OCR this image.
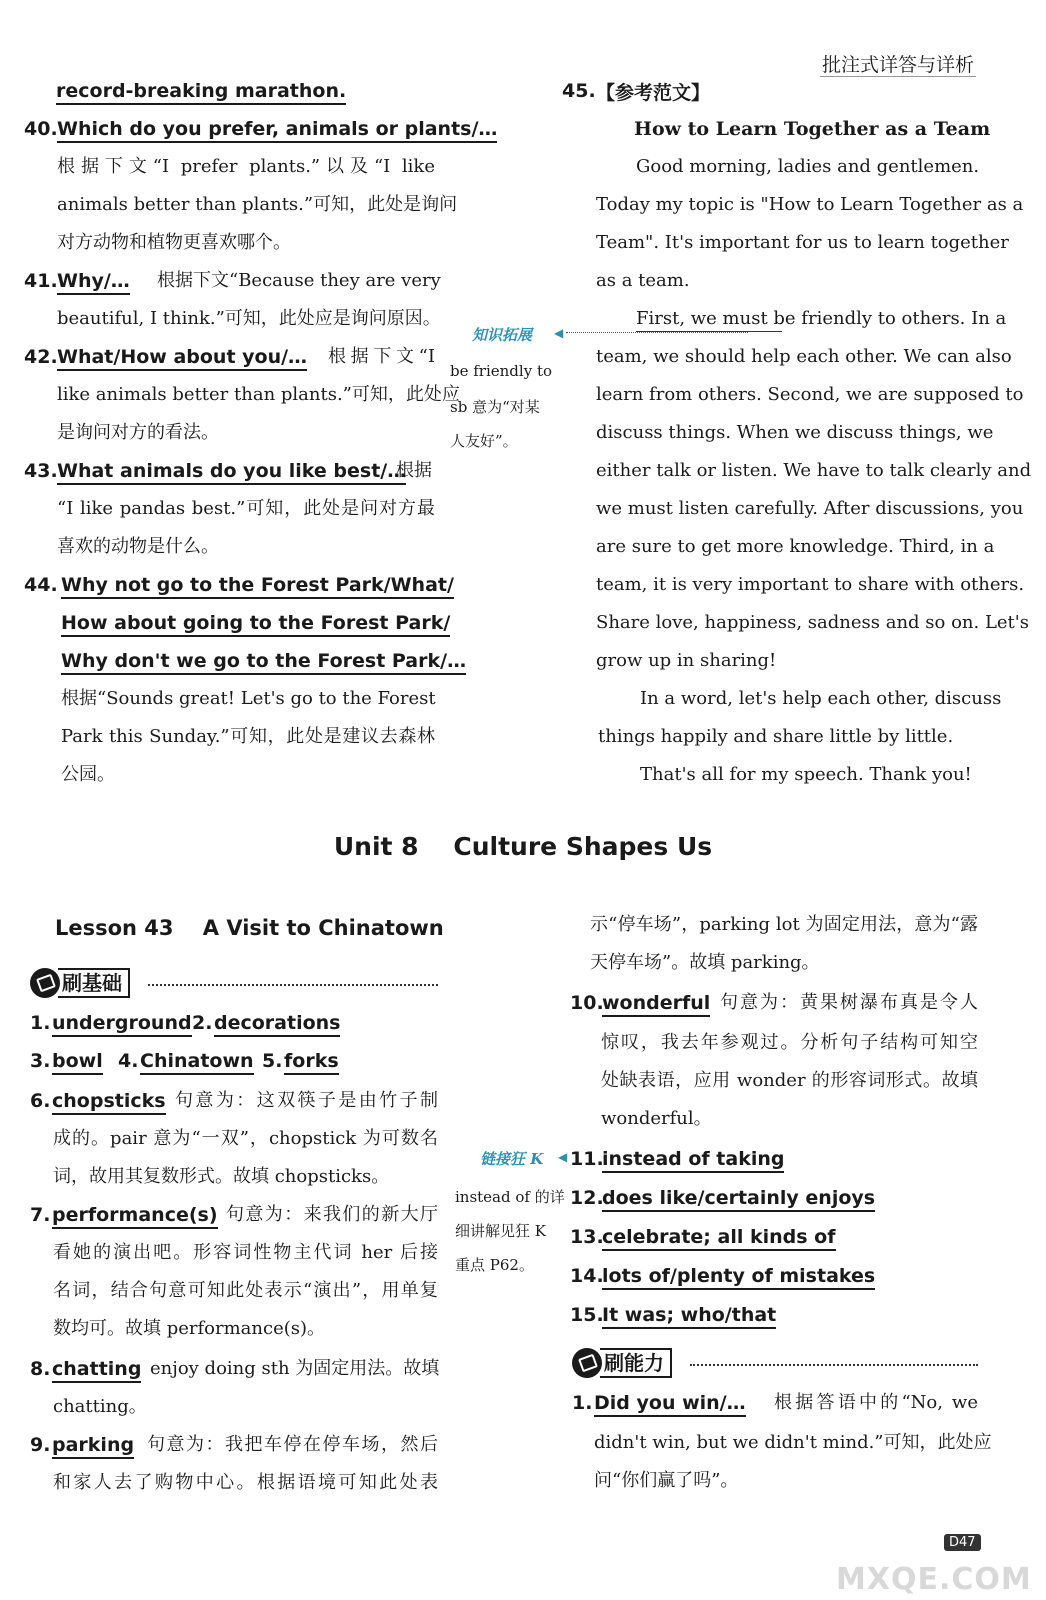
批注式详答与详析
record-breaking marathon.
40. Which do you prefer, animals or plants/…
根据下文“I prefer plants.”以及“I like
animals better than plants.”可知，此处是询问
对方动物和植物更喜欢哪个。
41. Why/… 根据下文“Because they are very
beautiful, I think.”可知，此处应是询问原因。
42. What/How about you/… 根据下文“I
like animals better than plants.”可知，此处应
是询问对方的看法。
43. What animals do you like best/…
根据
“I like pandas best.”可知，此处是问对方最
喜欢的动物是什么。
44. Why not go to the Forest Park/What/
How about going to the Forest Park/
Why don't we go to the Forest Park/…
根据“Sounds great! Let's go to the Forest
Park this Sunday.”可知，此处是建议去森林
公园。
知识拓展 ◀
be friendly to
sb 意为“对某
人友好”。
45. 【参考范文】
How to Learn Together as a Team
Good morning, ladies and gentlemen.
Today my topic is "How to Learn Together as a
Team". It's important for us to learn together
as a team.
First, we must be friendly to others. In a
team, we should help each other. We can also
learn from others. Second, we are supposed to
discuss things. When we discuss things, we
either talk or listen. We have to talk clearly and
we must listen carefully. After discussions, you
are sure to get more knowledge. Third, in a
team, it is very important to share with others.
Share love, happiness, sadness and so on. Let's
grow up in sharing!
In a word, let's help each other, discuss
things happily and share little by little.
That's all for my speech. Thank you!
Unit 8    Culture Shapes Us
Lesson 43    A Visit to Chinatown
刷基础
1. underground 2. decorations
3. bowl 4. Chinatown 5. forks
6. chopsticks 句意为：这双筷子是由竹子制
成的。pair 意为“一双”，chopstick 为可数名
词，故用其复数形式。故填 chopsticks。
7. performance(s) 句意为：来我们的新大厅
看她的演出吧。形容词性物主代词 her 后接
名词，结合句意可知此处表示“演出”，用单复
数均可。故填 performance(s)。
8. chatting enjoy doing sth 为固定用法。故填
chatting。
9. parking 句意为：我把车停在停车场，然后
和家人去了购物中心。根据语境可知此处表
链接狂 K ◀
instead of 的详
细讲解见狂 K
重点 P62。
示“停车场”，parking lot 为固定用法，意为“露
天停车场”。故填 parking。
10.
wonderful 句意为：黄果树瀑布真是令人
惊叹，我去年参观过。分析句子结构可知空
处缺表语，应用 wonder 的形容词形式。故填
wonderful。
11.
instead of taking
12.
does like/certainly enjoys
13.
celebrate; all kinds of
14.
lots of/plenty of mistakes
15.
It was; who/that
刷能力
1. Did you win/… 根据答语中的“No, we
didn't win, but we didn't mind.”可知，此处应
问“你们赢了吗”。
D47
MXQE.COM
